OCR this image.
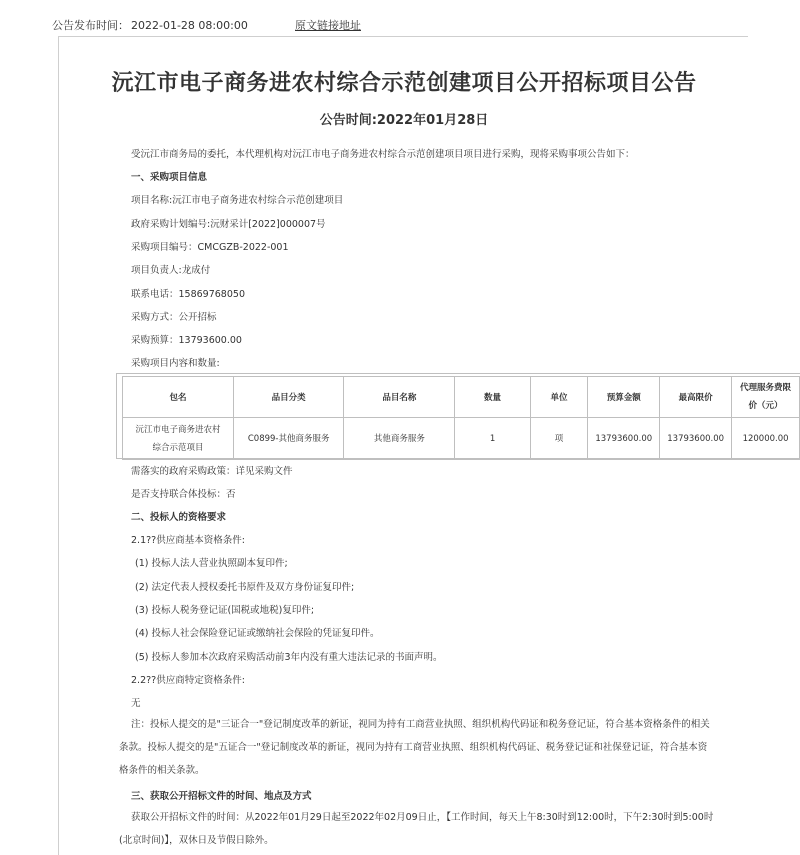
公告发布时间： 2022-01-28 08:00:00	原文链接地址
沅江市电子商务进农村综合示范创建项目公开招标项目公告
公告时间:2022年01月28日
受沅江市商务局的委托，本代理机构对沅江市电子商务进农村综合示范创建项目项目进行采购，现将采购事项公告如下：
一、采购项目信息
项目名称:沅江市电子商务进农村综合示范创建项目
政府采购计划编号:沅财采计[2022]000007号
采购项目编号：CMCGZB-2022-001
项目负责人:龙成付
联系电话：15869768050
采购方式：公开招标
采购预算：13793600.00
采购项目内容和数量:
需落实的政府采购政策：详见采购文件
是否支持联合体投标：否
二、投标人的资格要求
2.1??供应商基本资格条件:
(1) 投标人法人营业执照副本复印件;
(2) 法定代表人授权委托书原件及双方身份证复印件;
(3) 投标人税务登记证(国税或地税)复印件;
(4) 投标人社会保险登记证或缴纳社会保险的凭证复印件。
(5) 投标人参加本次政府采购活动前3年内没有重大违法记录的书面声明。
2.2??供应商特定资格条件:
无
注：投标人提交的是"三证合一"登记制度改革的新证，视同为持有工商营业执照、组织机构代码证和税务登记证，符合基本资格条件的相关条款。投标人提交的是"五证合一"登记制度改革的新证，视同为持有工商营业执照、组织机构代码证、税务登记证和社保登记证，符合基本资格条件的相关条款。
三、获取公开招标文件的时间、地点及方式
获取公开招标文件的时间：从2022年01月29日起至2022年02月09日止，【工作时间，每天上午8:30时到12:00时，下午2:30时到5:00时(北京时间)】，双休日及节假日除外。
包名	品目分类	品目名称	数量	单位	预算金额	最高限价	代理服务费限
价（元）
沅江市电子商务进农村
综合示范项目	C0899-其他商务服务	其他商务服务	1	项	13793600.00	13793600.00	120000.00
